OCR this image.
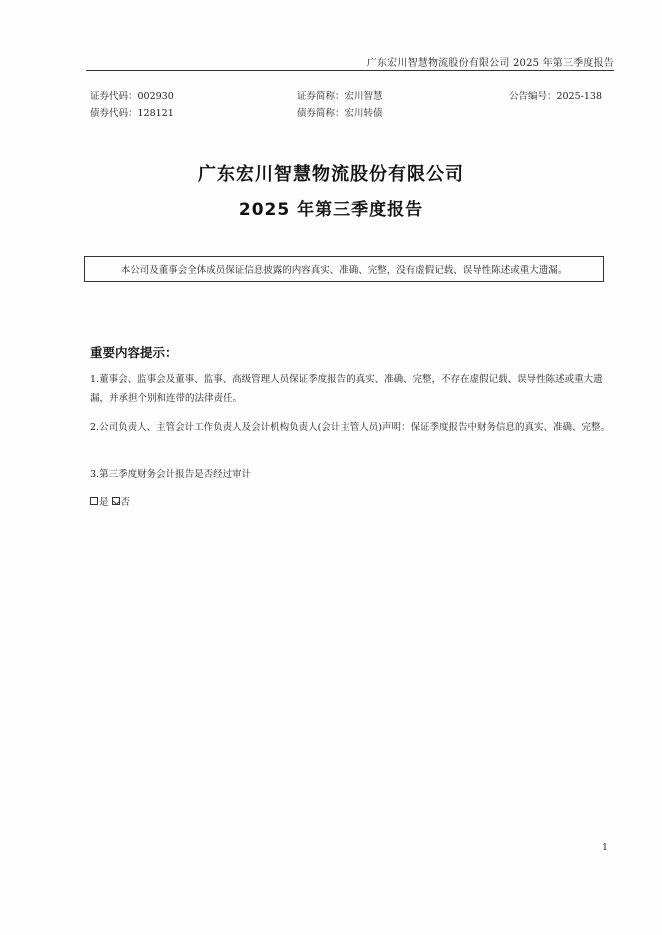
广东宏川智慧物流股份有限公司 2025 年第三季度报告
证券代码：002930
债券代码：128121
证券简称：宏川智慧
债券简称：宏川转债
公告编号：2025-138
广东宏川智慧物流股份有限公司
2025 年第三季度报告
本公司及董事会全体成员保证信息披露的内容真实、准确、完整，没有虚假记载、误导性陈述或重大遗漏。
重要内容提示：
1.董事会、监事会及董事、监事、高级管理人员保证季度报告的真实、准确、完整，不存在虚假记载、误导性陈述或重大遗漏，并承担个别和连带的法律责任。
2.公司负责人、主管会计工作负责人及会计机构负责人(会计主管人员)声明：保证季度报告中财务信息的真实、准确、完整。
3.第三季度财务会计报告是否经过审计
是 否
1
